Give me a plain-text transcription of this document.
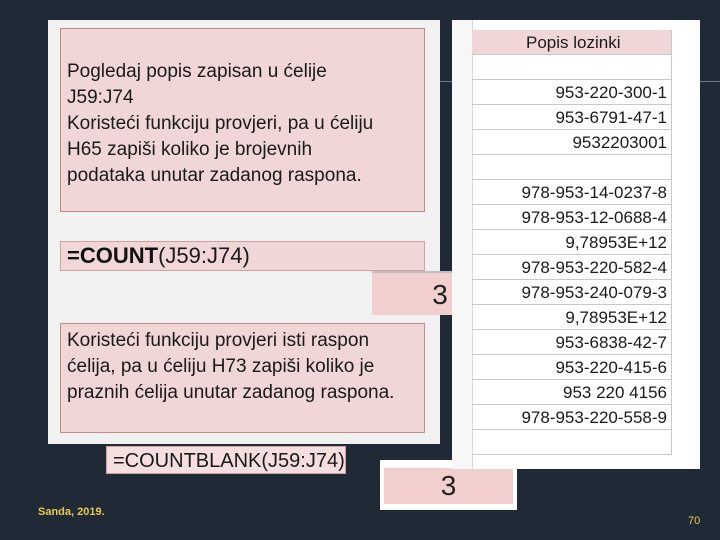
Pogledaj popis zapisan u ćelije
J59:J74
Koristeći funkciju provjeri, pa u ćeliju
H65 zapiši koliko je brojevnih
podataka unutar zadanog raspona.
=COUNT(J59:J74)
Koristeći funkciju provjeri isti raspon
ćelija, pa u ćeliju H73 zapiši koliko je
praznih ćelija unutar zadanog raspona.
3
=COUNTBLANK(J59:J74)
3
Popis lozinki
953-220-300-1
953-6791-47-1
9532203001
978-953-14-0237-8
978-953-12-0688-4
9,78953E+12
978-953-220-582-4
978-953-240-079-3
9,78953E+12
953-6838-42-7
953-220-415-6
953 220 4156
978-953-220-558-9
Sanda, 2019.
70
